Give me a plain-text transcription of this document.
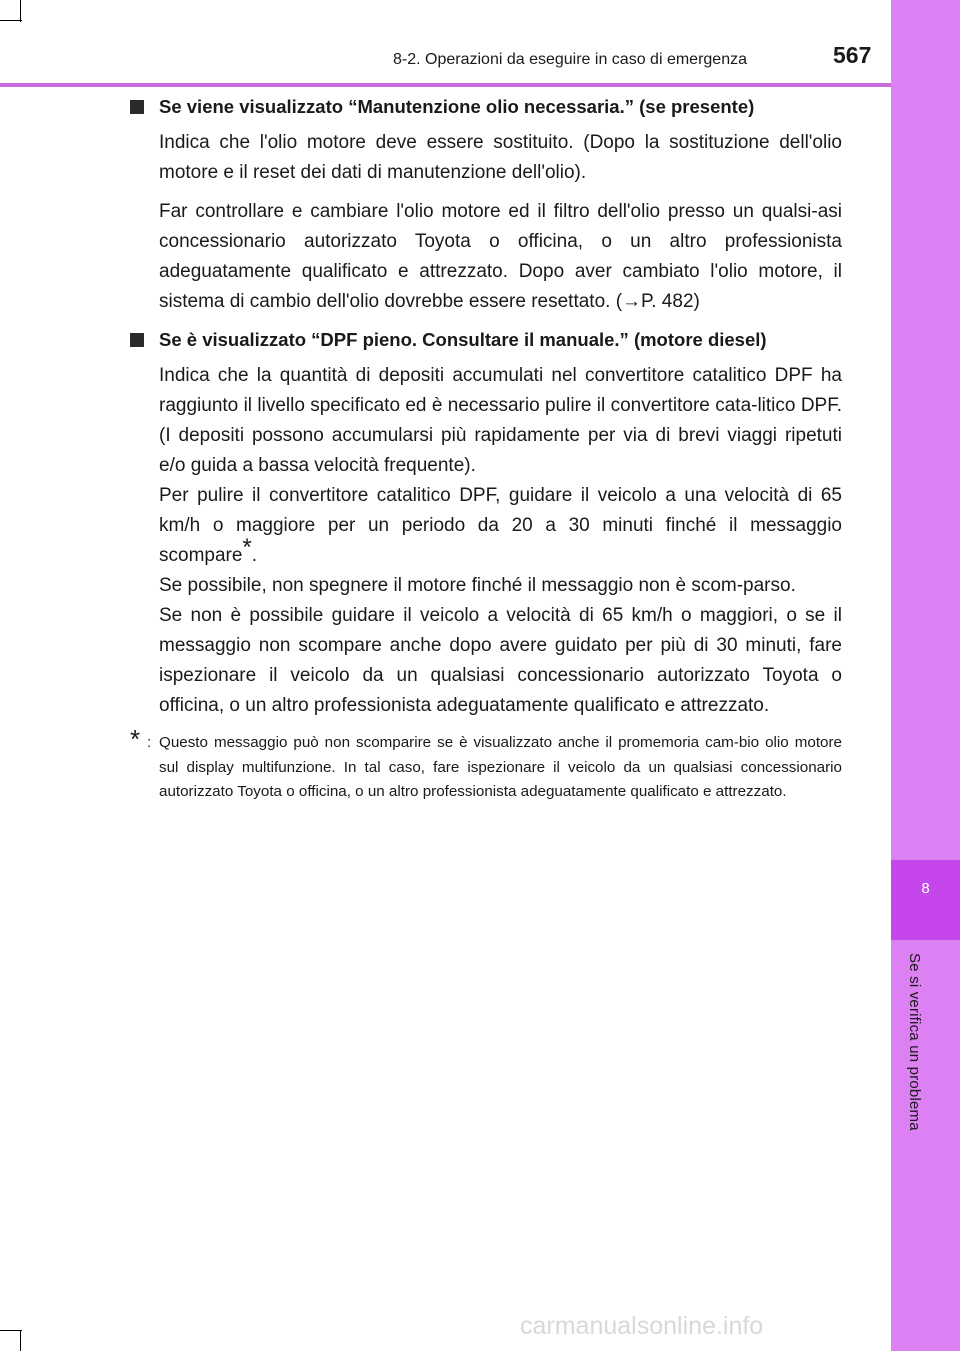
8
Se si verifica un problema
8-2. Operazioni da eseguire in caso di emergenza	567
Se viene visualizzato “Manutenzione olio necessaria.” (se presente)

Indica che l'olio motore deve essere sostituito. (Dopo la sostituzione dell'olio motore e il reset dei dati di manutenzione dell'olio).

Far controllare e cambiare l'olio motore ed il filtro dell'olio presso un qualsi-asi concessionario autorizzato Toyota o officina, o un altro professionista adeguatamente qualificato e attrezzato. Dopo aver cambiato l'olio motore, il sistema di cambio dell'olio dovrebbe essere resettato. (→P. 482)

Se è visualizzato “DPF pieno. Consultare il manuale.” (motore diesel)

Indica che la quantità di depositi accumulati nel convertitore catalitico DPF ha raggiunto il livello specificato ed è necessario pulire il convertitore cata-litico DPF. (I depositi possono accumularsi più rapidamente per via di brevi viaggi ripetuti e/o guida a bassa velocità frequente).

Per pulire il convertitore catalitico DPF, guidare il veicolo a una velocità di 65 km/h o maggiore per un periodo da 20 a 30 minuti finché il messaggio scompare*.

Se possibile, non spegnere il motore finché il messaggio non è scom-parso.

Se non è possibile guidare il veicolo a velocità di 65 km/h o maggiori, o se il messaggio non scompare anche dopo avere guidato per più di 30 minuti, fare ispezionare il veicolo da un qualsiasi concessionario autorizzato Toyota o officina, o un altro professionista adeguatamente qualificato e attrezzato.

* : Questo messaggio può non scomparire se è visualizzato anche il promemoria cam-bio olio motore sul display multifunzione. In tal caso, fare ispezionare il veicolo da un qualsiasi concessionario autorizzato Toyota o officina, o un altro professionista adeguatamente qualificato e attrezzato.
carmanualsonline.info
